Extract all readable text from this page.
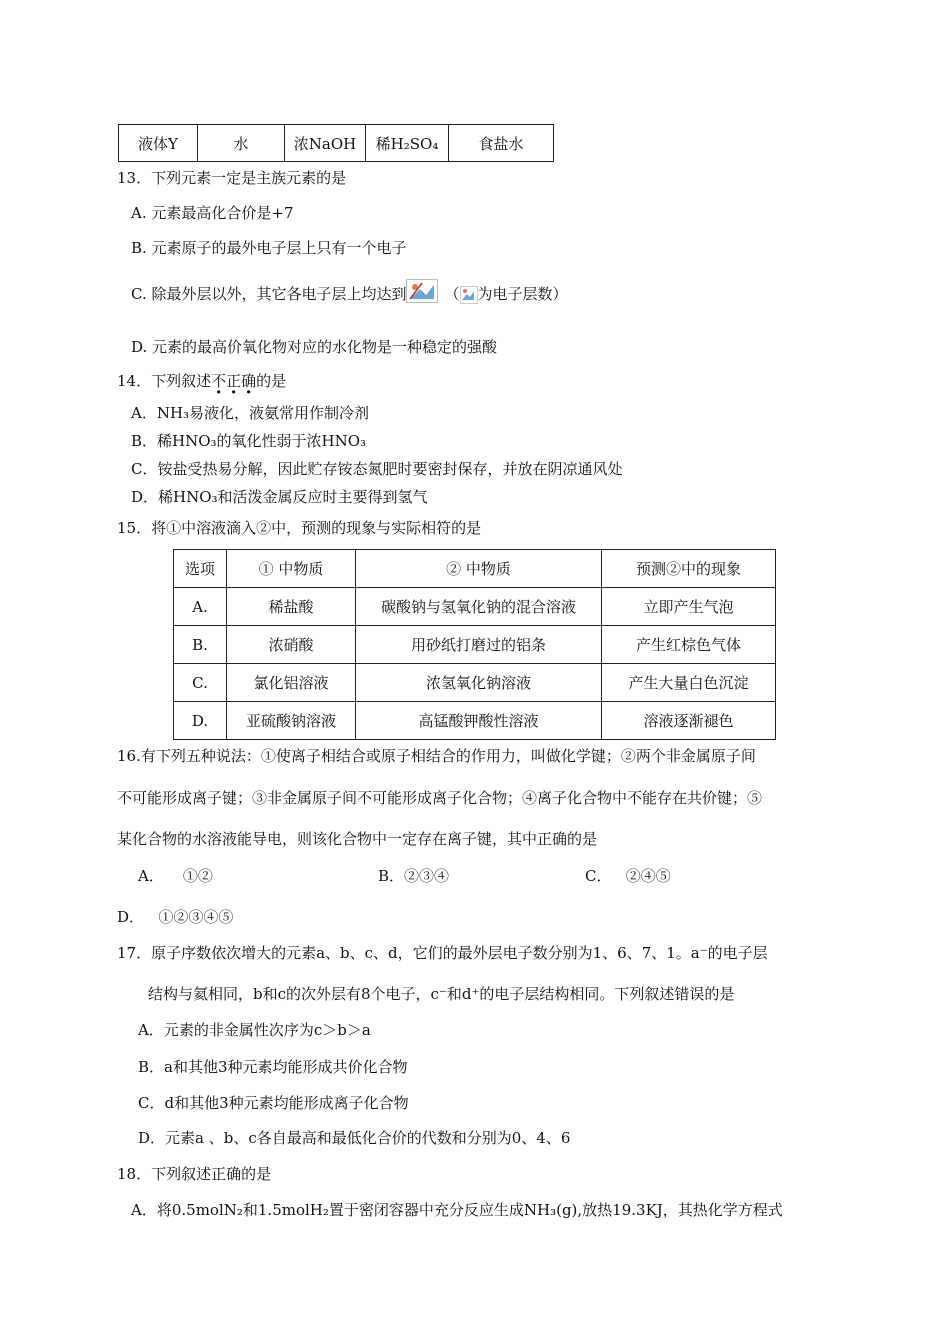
液体Y	水	浓NaOH	稀H₂SO₄	食盐水
13．下列元素一定是主族元素的是
A. 元素最高化合价是+7
B. 元素原子的最外电子层上只有一个电子
C. 除最外层以外，其它各电子层上均达到	（ 为电子层数）
D. 元素的最高价氧化物对应的水化物是一种稳定的强酸
14．下列叙述不正确的是
A．NH₃易液化，液氨常用作制冷剂
B．稀HNO₃的氧化性弱于浓HNO₃
C．铵盐受热易分解，因此贮存铵态氮肥时要密封保存，并放在阴凉通风处
D．稀HNO₃和活泼金属反应时主要得到氢气
15．将①中溶液滴入②中，预测的现象与实际相符的是
选项	① 中物质	② 中物质	预测②中的现象
A.	稀盐酸	碳酸钠与氢氧化钠的混合溶液	立即产生气泡
B.	浓硝酸	用砂纸打磨过的铝条	产生红棕色气体
C.	氯化铝溶液	浓氢氧化钠溶液	产生大量白色沉淀
D.	亚硫酸钠溶液	高锰酸钾酸性溶液	溶液逐渐褪色
16.有下列五种说法：①使离子相结合或原子相结合的作用力，叫做化学键；②两个非金属原子间
不可能形成离子键；③非金属原子间不可能形成离子化合物；④离子化合物中不能存在共价键；⑤
某化合物的水溶液能导电，则该化合物中一定存在离子键，其中正确的是
A．    ①②	B．②③④	C．   ②④⑤
D．   ①②③④⑤
17．原子序数依次增大的元素a、b、c、d，它们的最外层电子数分别为1、6、7、1。a⁻的电子层
结构与氦相同，b和c的次外层有8个电子，c⁻和d⁺的电子层结构相同。下列叙述错误的是
A．元素的非金属性次序为c＞b＞a
B．a和其他3种元素均能形成共价化合物
C．d和其他3种元素均能形成离子化合物
D．元素a 、b、c各自最高和最低化合价的代数和分别为0、4、6
18．下列叙述正确的是
A．将0.5molN₂和1.5molH₂置于密闭容器中充分反应生成NH₃(g),放热19.3KJ，其热化学方程式
